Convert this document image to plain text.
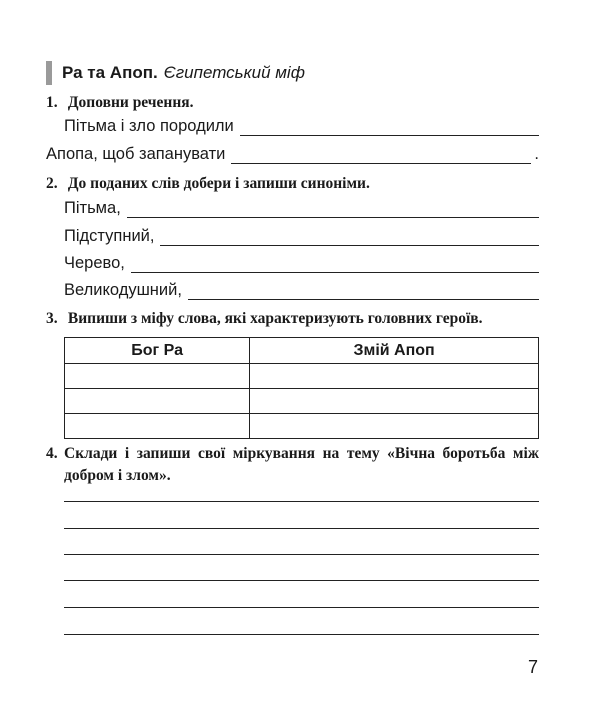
Ра та Апоп. Єгипетський міф
1. Доповни речення.
Пітьма і зло породили
Апопа, щоб запанувати	.
2. До поданих слів добери і запиши синоніми.
Пітьма,
Підступний,
Черево,
Великодушний,
3. Випиши з міфу слова, які характеризують головних героїв.
Бог Ра	Змій Апоп

4. Склади і запиши свої міркування на тему «Вічна боротьба між добром і злом».
7
